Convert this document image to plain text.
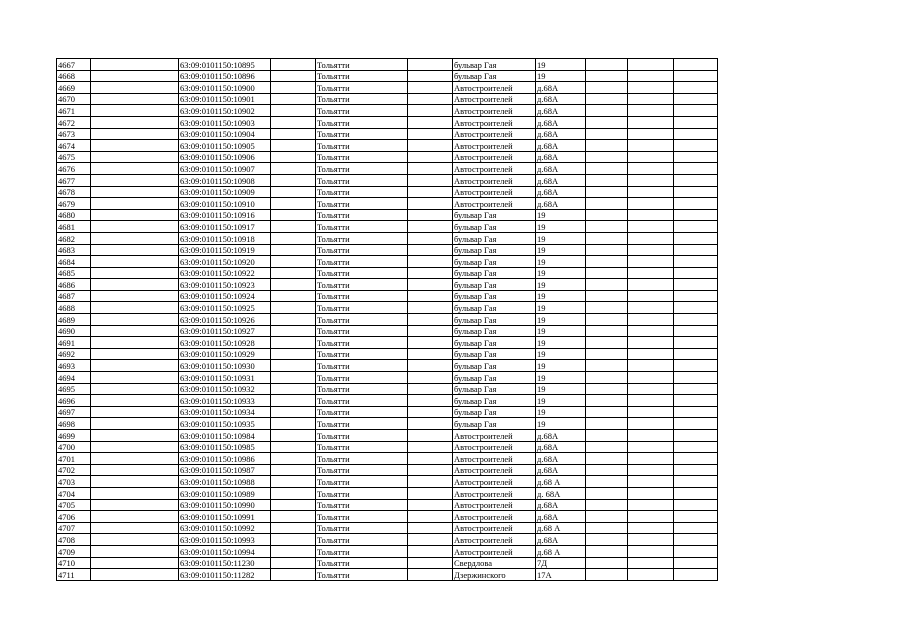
4667		63:09:0101150:10895		Тольятти		бульвар Гая	19			
4668		63:09:0101150:10896		Тольятти		бульвар Гая	19			
4669		63:09:0101150:10900		Тольятти		Автостроителей	д.68А			
4670		63:09:0101150:10901		Тольятти		Автостроителей	д.68А			
4671		63:09:0101150:10902		Тольятти		Автостроителей	д.68А			
4672		63:09:0101150:10903		Тольятти		Автостроителей	д.68А			
4673		63:09:0101150:10904		Тольятти		Автостроителей	д.68А			
4674		63:09:0101150:10905		Тольятти		Автостроителей	д.68А			
4675		63:09:0101150:10906		Тольятти		Автостроителей	д.68А			
4676		63:09:0101150:10907		Тольятти		Автостроителей	д.68А			
4677		63:09:0101150:10908		Тольятти		Автостроителей	д.68А			
4678		63:09:0101150:10909		Тольятти		Автостроителей	д.68А			
4679		63:09:0101150:10910		Тольятти		Автостроителей	д.68А			
4680		63:09:0101150:10916		Тольятти		бульвар Гая	19			
4681		63:09:0101150:10917		Тольятти		бульвар Гая	19			
4682		63:09:0101150:10918		Тольятти		бульвар Гая	19			
4683		63:09:0101150:10919		Тольятти		бульвар Гая	19			
4684		63:09:0101150:10920		Тольятти		бульвар Гая	19			
4685		63:09:0101150:10922		Тольятти		бульвар Гая	19			
4686		63:09:0101150:10923		Тольятти		бульвар Гая	19			
4687		63:09:0101150:10924		Тольятти		бульвар Гая	19			
4688		63:09:0101150:10925		Тольятти		бульвар Гая	19			
4689		63:09:0101150:10926		Тольятти		бульвар Гая	19			
4690		63:09:0101150:10927		Тольятти		бульвар Гая	19			
4691		63:09:0101150:10928		Тольятти		бульвар Гая	19			
4692		63:09:0101150:10929		Тольятти		бульвар Гая	19			
4693		63:09:0101150:10930		Тольятти		бульвар Гая	19			
4694		63:09:0101150:10931		Тольятти		бульвар Гая	19			
4695		63:09:0101150:10932		Тольятти		бульвар Гая	19			
4696		63:09:0101150:10933		Тольятти		бульвар Гая	19			
4697		63:09:0101150:10934		Тольятти		бульвар Гая	19			
4698		63:09:0101150:10935		Тольятти		бульвар Гая	19			
4699		63:09:0101150:10984		Тольятти		Автостроителей	д.68А			
4700		63:09:0101150:10985		Тольятти		Автостроителей	д.68А			
4701		63:09:0101150:10986		Тольятти		Автостроителей	д.68А			
4702		63:09:0101150:10987		Тольятти		Автостроителей	д.68А			
4703		63:09:0101150:10988		Тольятти		Автостроителей	д.68 А			
4704		63:09:0101150:10989		Тольятти		Автостроителей	д. 68А			
4705		63:09:0101150:10990		Тольятти		Автостроителей	д.68А			
4706		63:09:0101150:10991		Тольятти		Автостроителей	д.68А			
4707		63:09:0101150:10992		Тольятти		Автостроителей	д.68 А			
4708		63:09:0101150:10993		Тольятти		Автостроителей	д.68А			
4709		63:09:0101150:10994		Тольятти		Автостроителей	д.68 А			
4710		63:09:0101150:11230		Тольятти		Свердлова	7Д			
4711		63:09:0101150:11282		Тольятти		Дзержинского	17А			
